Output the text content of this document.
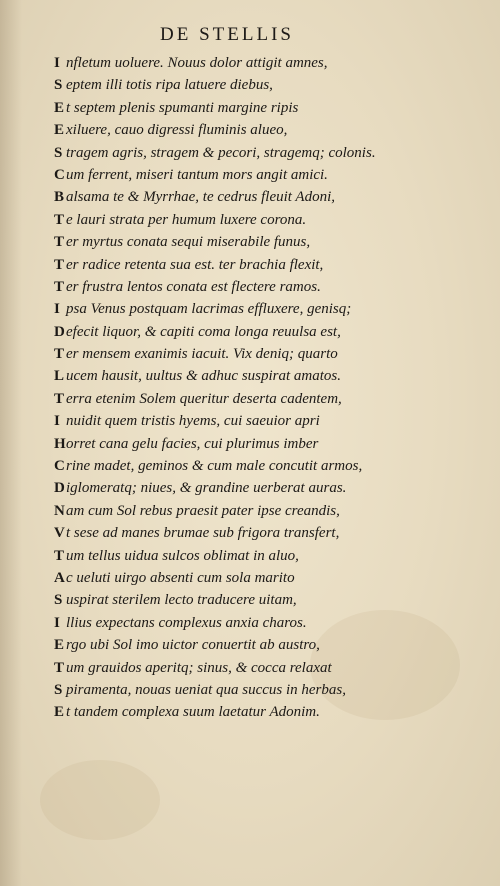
DE STELLIS
I nfletum uoluere. Nouus dolor attigit amnes,
S eptem illi totis ripa latuere diebus,
E t septem plenis spumanti margine ripis
E xiluere, cauo digressi fluminis alueo,
S tragem agris, stragem & pecori, stragemq; colonis.
Cum ferrent, miseri tantum mors angit amici.
B alsama te & Myrrhae, te cedrus fleuit Adoni,
T e lauri strata per humum luxere corona.
T er myrtus conata sequi miserabile funus,
T er radice retenta sua est. ter brachia flexit,
T er frustra lentos conata est flectere ramos.
I psa Venus postquam lacrimas effluxere, genisq;
Defecit liquor, & capiti coma longa reuulsa est,
T er mensem exanimis iacuit. Vix deniq; quarto
L ucem hausit, uultus & adhuc suspirat amatos.
T erra etenim Solem queritur deserta cadentem,
I nuidit quem tristis hyems, cui saeuior apri
Horret cana gelu facies, cui plurimus imber
Crine madet, geminos & cum male concutit armos,
Diglomeratq; niues, & grandine uerberat auras.
Nam cum Sol rebus praesit pater ipse creandis,
Vt sese ad manes brumae sub frigora transfert,
T um tellus uidua sulcos oblimat in aluo,
Ac ueluti uirgo absenti cum sola marito
S uspirat sterilem lecto traducere uitam,
I llius expectans complexus anxia charos.
E rgo ubi Sol imo uictor conuertit ab austro,
T um grauidos aperitq; sinus, & cocca relaxat
S piramenta, nouas ueniat qua succus in herbas,
E t tandem complexa suum laetatur Adonim.
